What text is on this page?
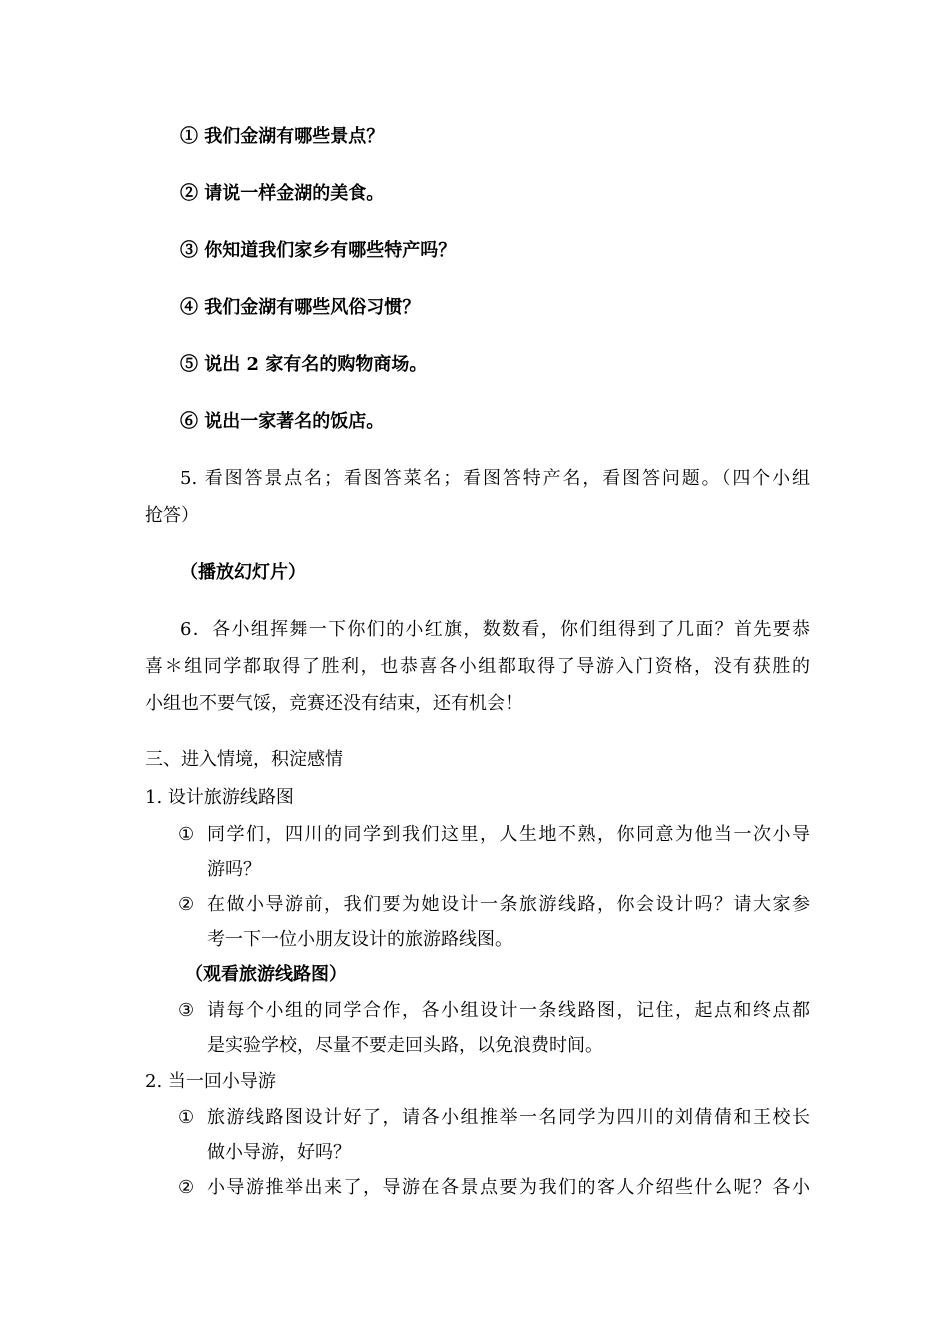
① 我们金湖有哪些景点？
② 请说一样金湖的美食。
③ 你知道我们家乡有哪些特产吗？
④ 我们金湖有哪些风俗习惯？
⑤ 说出 2 家有名的购物商场。
⑥ 说出一家著名的饭店。
5. 看图答景点名；看图答菜名；看图答特产名，看图答问题。（四个小组
抢答）
（播放幻灯片）
6．各小组挥舞一下你们的小红旗，数数看，你们组得到了几面？首先要恭
喜＊组同学都取得了胜利，也恭喜各小组都取得了导游入门资格，没有获胜的
小组也不要气馁，竞赛还没有结束，还有机会！
三、进入情境，积淀感情
1. 设计旅游线路图
① 同学们，四川的同学到我们这里，人生地不熟，你同意为他当一次小导
游吗？
② 在做小导游前，我们要为她设计一条旅游线路，你会设计吗？请大家参
考一下一位小朋友设计的旅游路线图。
（观看旅游线路图）
③ 请每个小组的同学合作，各小组设计一条线路图，记住，起点和终点都
是实验学校，尽量不要走回头路，以免浪费时间。
2. 当一回小导游
① 旅游线路图设计好了，请各小组推举一名同学为四川的刘倩倩和王校长
做小导游，好吗？
② 小导游推举出来了，导游在各景点要为我们的客人介绍些什么呢？各小
